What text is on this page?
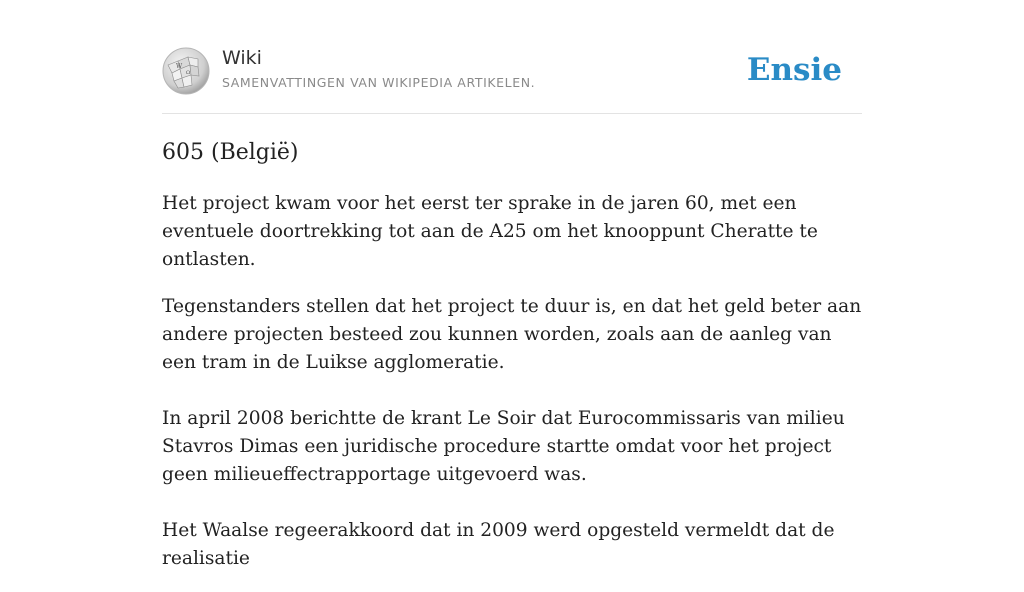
W
Ω
Wiki
SAMENVATTINGEN VAN WIKIPEDIA ARTIKELEN.	Ensie
605 (België)

Het project kwam voor het eerst ter sprake in de jaren 60, met een eventuele doortrekking tot aan de A25 om het knooppunt Cheratte te ontlasten.

Tegenstanders stellen dat het project te duur is, en dat het geld beter aan andere projecten besteed zou kunnen worden, zoals aan de aanleg van een tram in de Luikse agglomeratie.

In april 2008 berichtte de krant Le Soir dat Eurocommissaris van milieu Stavros Dimas een juridische procedure startte omdat voor het project geen milieueffectrapportage uitgevoerd was.

Het Waalse regeerakkoord dat in 2009 werd opgesteld vermeldt dat de realisatie
